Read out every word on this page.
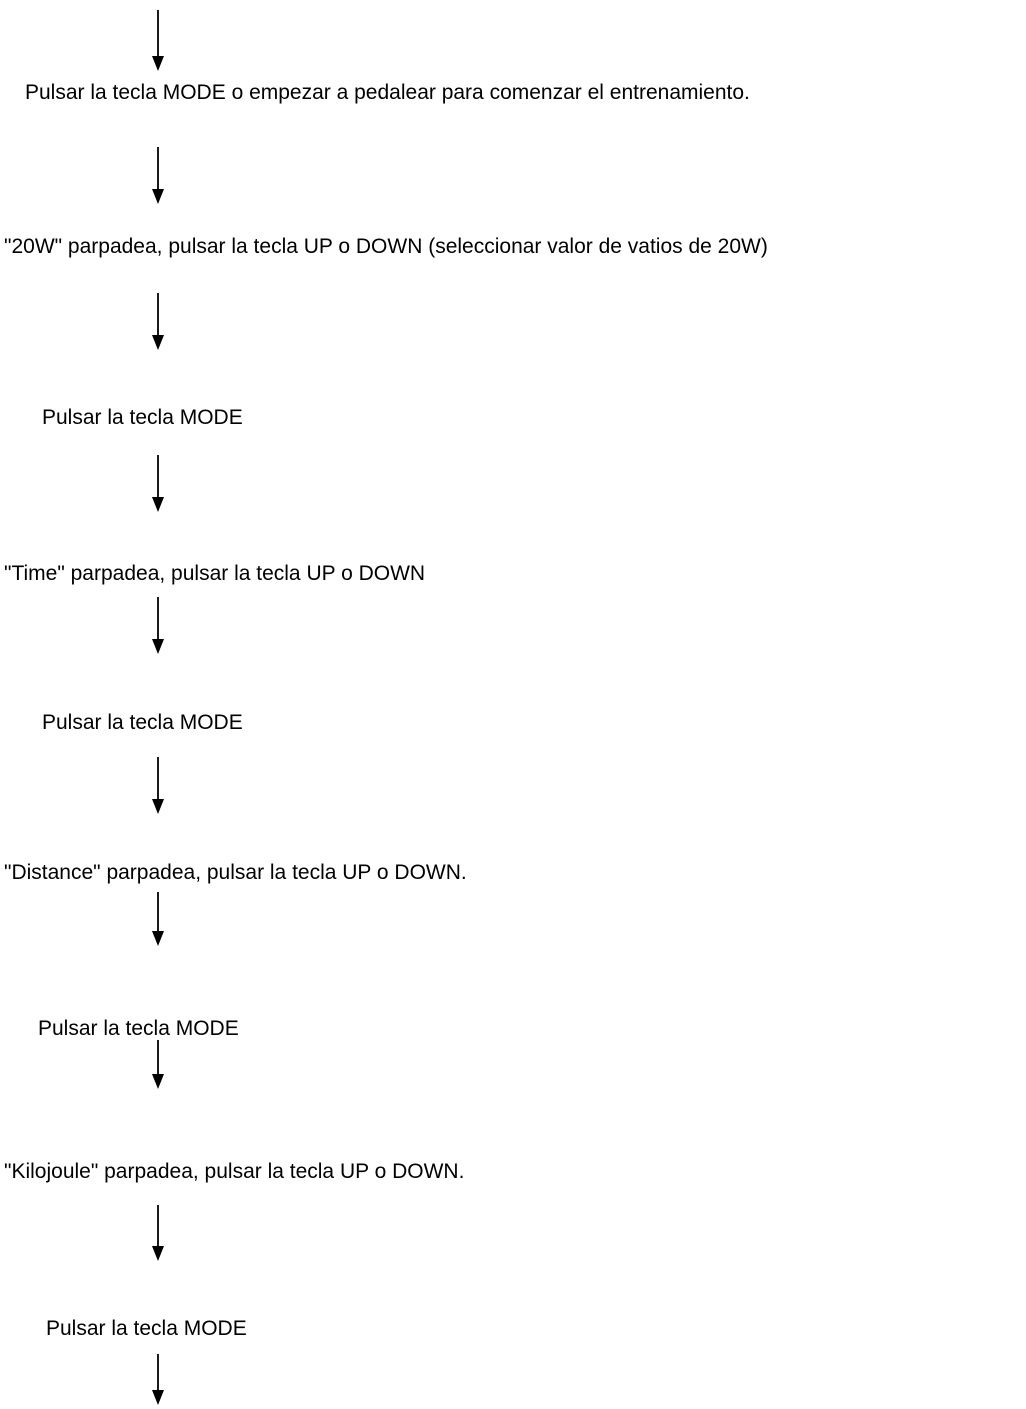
Pulsar la tecla MODE o empezar a pedalear para comenzar el entrenamiento.
"20W" parpadea, pulsar la tecla UP o DOWN (seleccionar valor de vatios de 20W)
Pulsar la tecla MODE
"Time" parpadea, pulsar la tecla UP o DOWN
Pulsar la tecla MODE
"Distance" parpadea, pulsar la tecla UP o DOWN.
Pulsar la tecla MODE
"Kilojoule" parpadea, pulsar la tecla UP o DOWN.
Pulsar la tecla MODE
